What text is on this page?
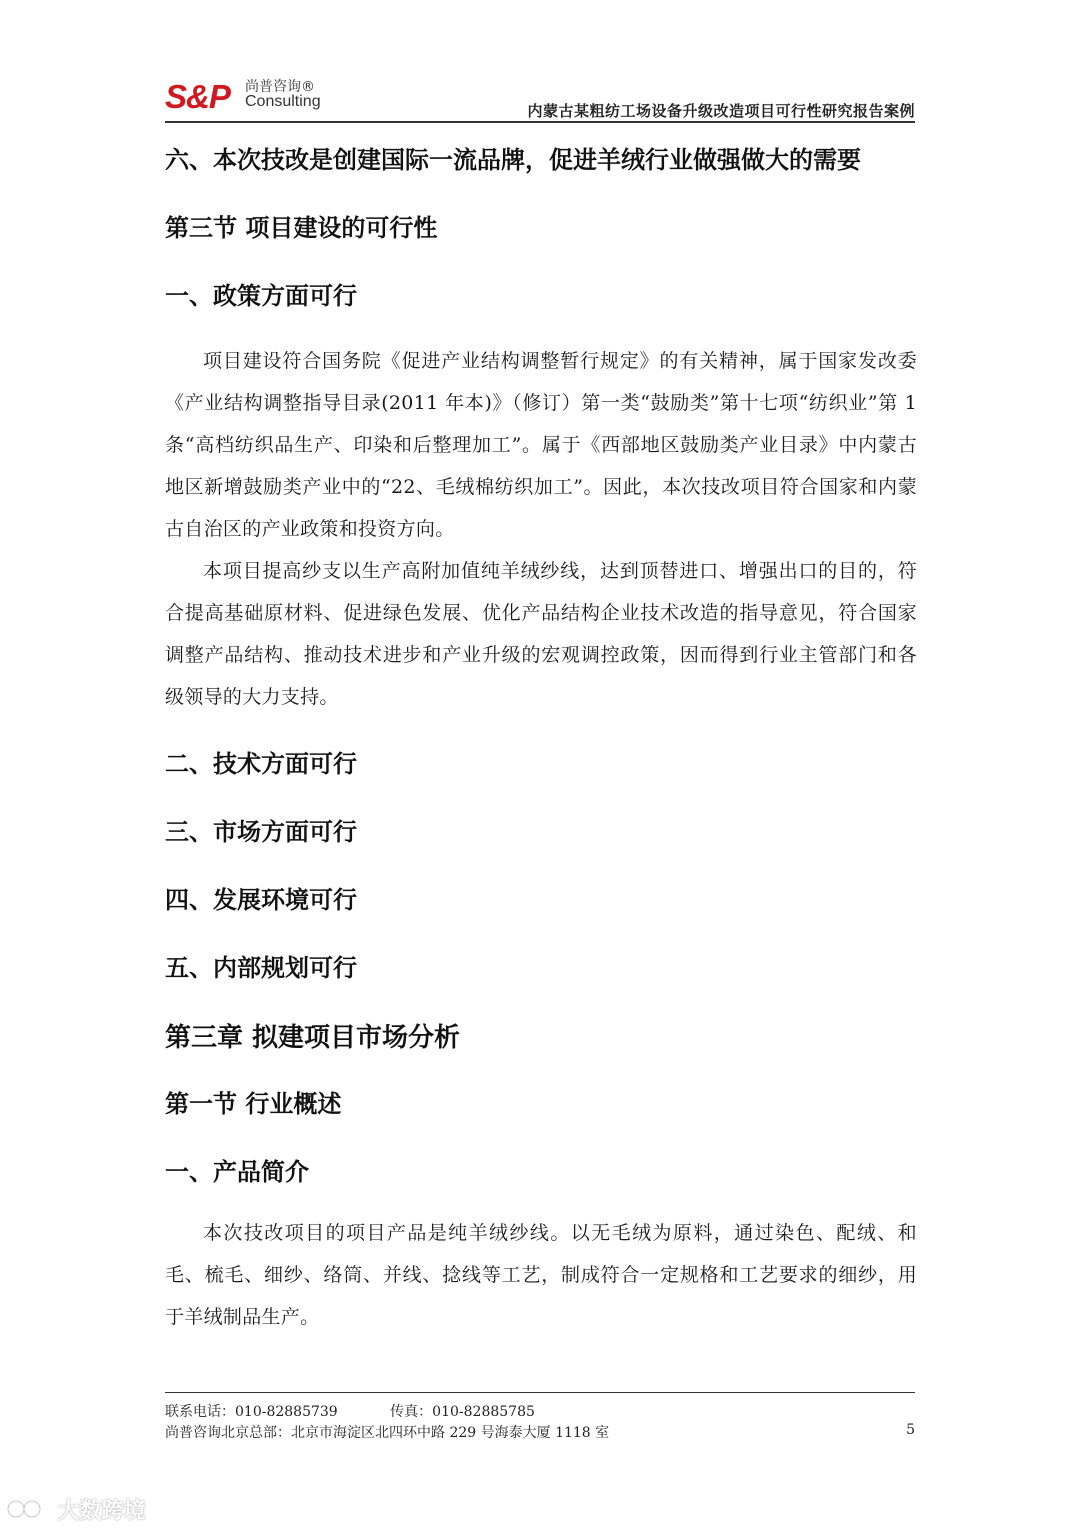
S&P 尚普咨询®
Consulting
内蒙古某粗纺工场设备升级改造项目可行性研究报告案例
六、本次技改是创建国际一流品牌，促进羊绒行业做强做大的需要
第三节 项目建设的可行性
一、政策方面可行

项目建设符合国务院《促进产业结构调整暂行规定》的有关精神，属于国家发改委《产业结构调整指导目录(2011 年本)》（修订）第一类“鼓励类”第十七项“纺织业”第 1 条“高档纺织品生产、印染和后整理加工”。属于《西部地区鼓励类产业目录》中内蒙古地区新增鼓励类产业中的“22、毛绒棉纺织加工”。因此，本次技改项目符合国家和内蒙古自治区的产业政策和投资方向。

本项目提高纱支以生产高附加值纯羊绒纱线，达到顶替进口、增强出口的目的，符合提高基础原材料、促进绿色发展、优化产品结构企业技术改造的指导意见，符合国家调整产品结构、推动技术进步和产业升级的宏观调控政策，因而得到行业主管部门和各级领导的大力支持。

二、技术方面可行
三、市场方面可行
四、发展环境可行
五、内部规划可行
第三章 拟建项目市场分析
第一节 行业概述
一、产品简介

本次技改项目的项目产品是纯羊绒纱线。以无毛绒为原料，通过染色、配绒、和毛、梳毛、细纱、络筒、并线、捻线等工艺，制成符合一定规格和工艺要求的细纱，用于羊绒制品生产。

联系电话：010-82885739	传真：010-82885785
尚普咨询北京总部：北京市海淀区北四环中路 229 号海泰大厦 1118 室	5
大数跨境
